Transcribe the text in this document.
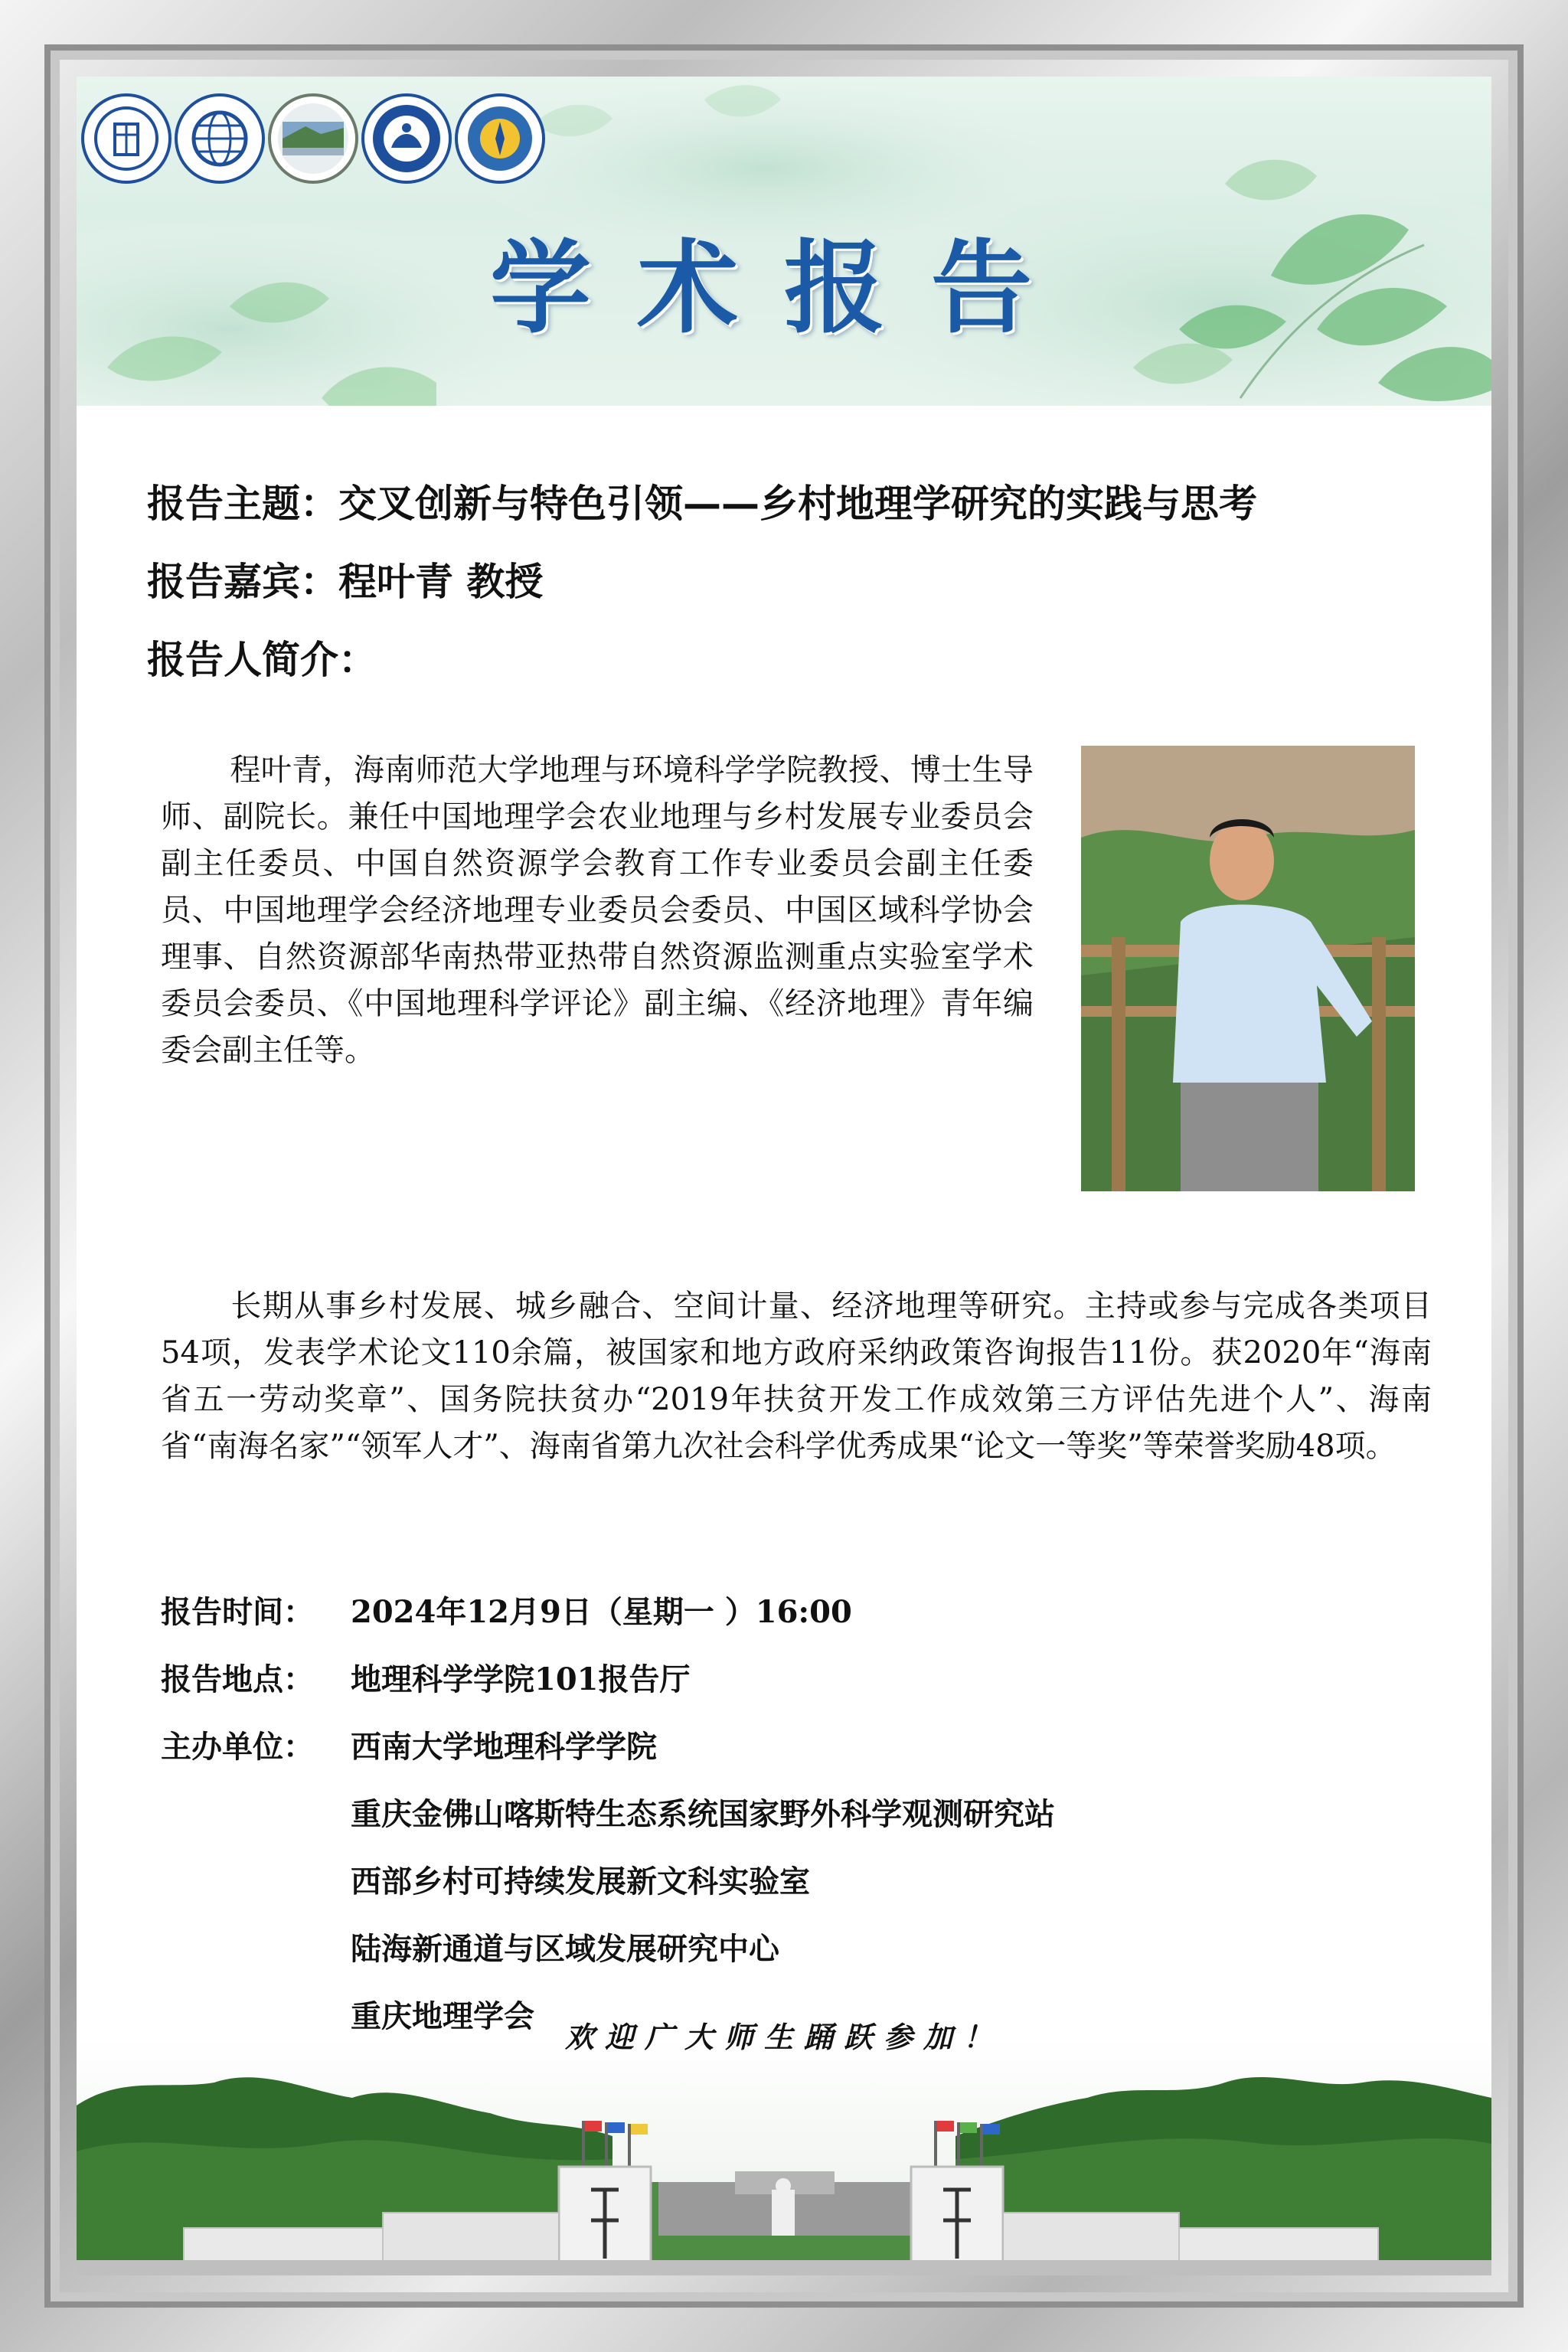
学术报告
报告主题：交叉创新与特色引领——乡村地理学研究的实践与思考
报告嘉宾：程叶青 教授
报告人简介：
程叶青，海南师范大学地理与环境科学学院教授、博士生导师、副院长。兼任中国地理学会农业地理与乡村发展专业委员会副主任委员、中国自然资源学会教育工作专业委员会副主任委员、中国地理学会经济地理专业委员会委员、中国区域科学协会理事、自然资源部华南热带亚热带自然资源监测重点实验室学术委员会委员、《中国地理科学评论》副主编、《经济地理》青年编委会副主任等。
长期从事乡村发展、城乡融合、空间计量、经济地理等研究。主持或参与完成各类项目54项，发表学术论文110余篇，被国家和地方政府采纳政策咨询报告11份。获2020年“海南省五一劳动奖章”、国务院扶贫办“2019年扶贫开发工作成效第三方评估先进个人”、海南省“南海名家”“领军人才”、海南省第九次社会科学优秀成果“论文一等奖”等荣誉奖励48项。
报告时间： 2024年12月9日（星期一 ）16:00
报告地点： 地理科学学院101报告厅
主办单位： 西南大学地理科学学院
重庆金佛山喀斯特生态系统国家野外科学观测研究站
西部乡村可持续发展新文科实验室
陆海新通道与区域发展研究中心
重庆地理学会
欢迎广大师生踊跃参加！
